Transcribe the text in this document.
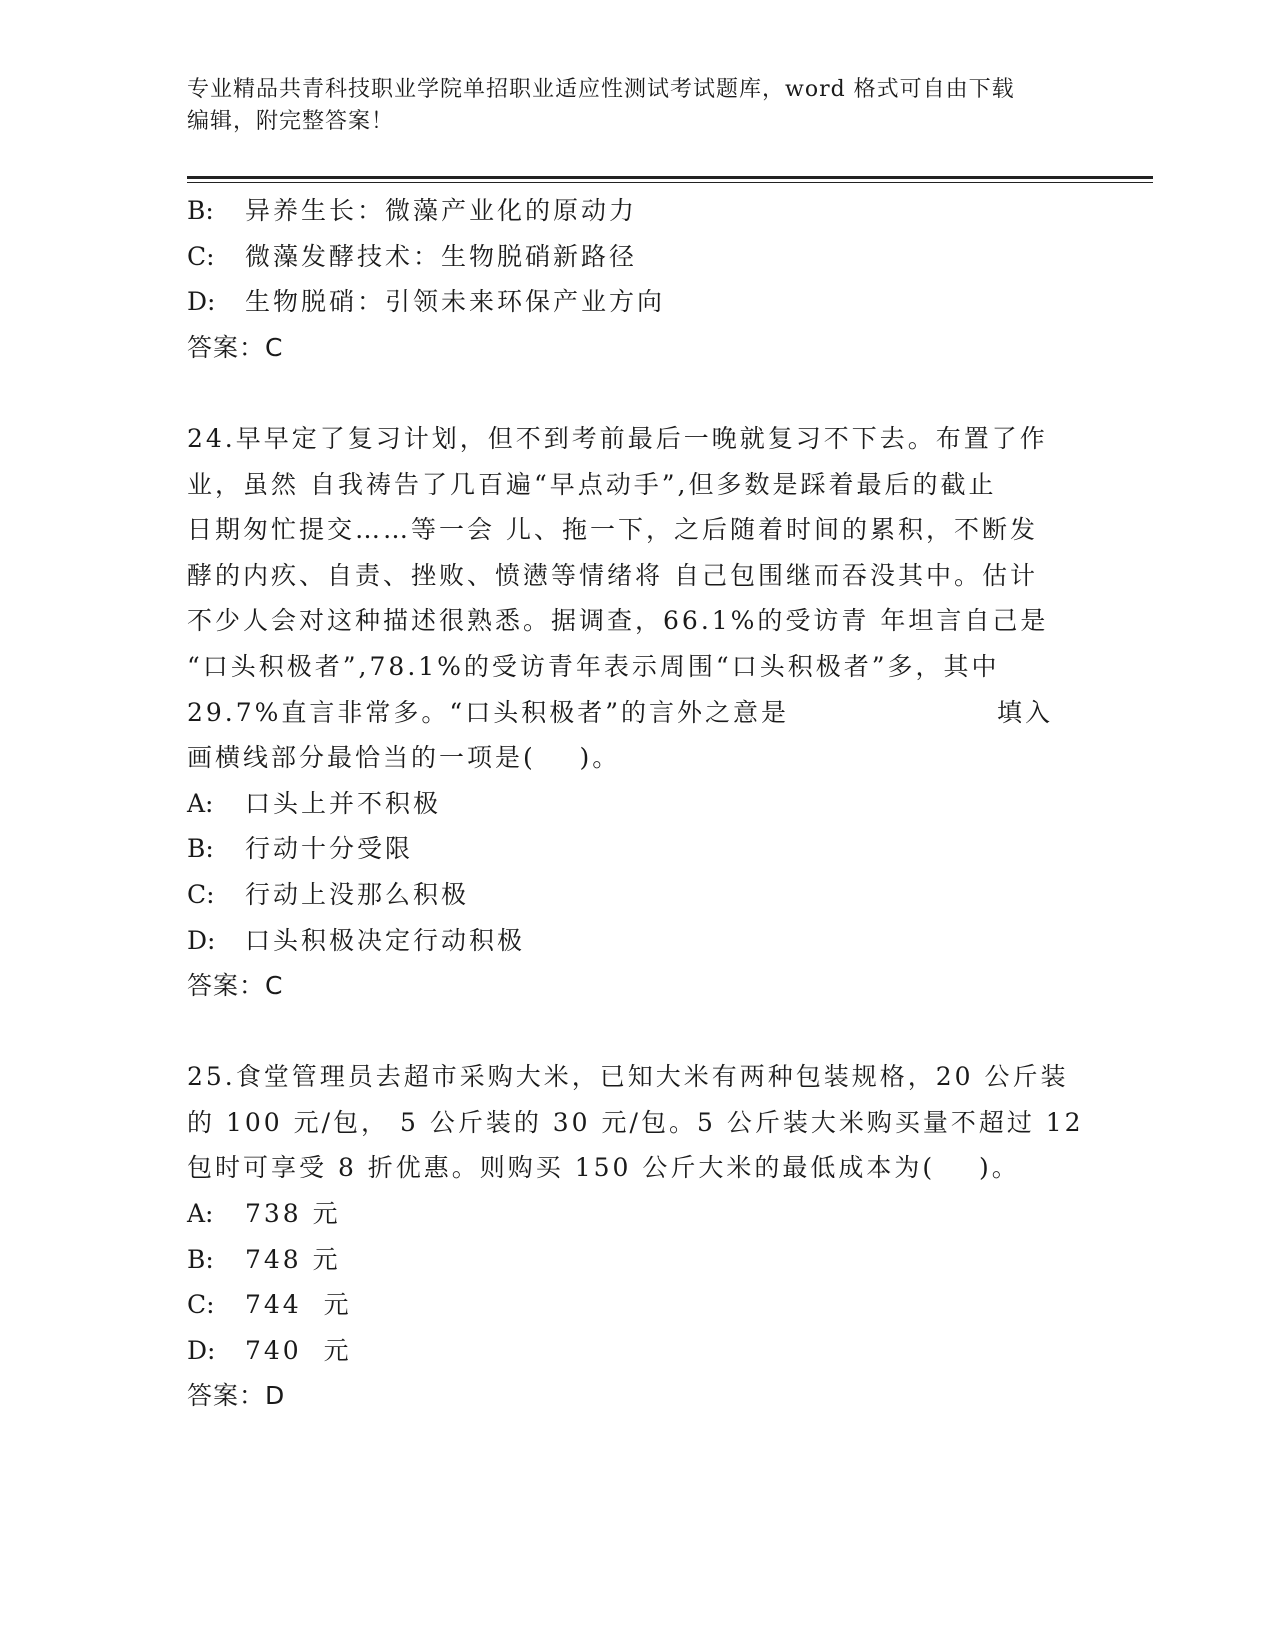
专业精品共青科技职业学院单招职业适应性测试考试题库，word 格式可自由下载
编辑，附完整答案！
B: 异养生长：微藻产业化的原动力
C: 微藻发酵技术：生物脱硝新路径
D: 生物脱硝：引领未来环保产业方向
答案：C
24.早早定了复习计划，但不到考前最后一晚就复习不下去。布置了作
业，虽然 自我祷告了几百遍“早点动手”,但多数是踩着最后的截止
日期匆忙提交……等一会 儿、拖一下，之后随着时间的累积，不断发
酵的内疚、自责、挫败、愤懑等情绪将 自己包围继而吞没其中。估计
不少人会对这种描述很熟悉。据调查，66.1%的受访青 年坦言自己是
“口头积极者”,78.1%的受访青年表示周围“口头积极者”多，其中
29.7%直言非常多。“口头积极者”的言外之意是                   填入
画横线部分最恰当的一项是(    )。
A: 口头上并不积极
B: 行动十分受限
C: 行动上没那么积极
D: 口头积极决定行动积极
答案：C
25.食堂管理员去超市采购大米，已知大米有两种包装规格，20 公斤装
的 100 元/包， 5 公斤装的 30 元/包。5 公斤装大米购买量不超过 12
包时可享受 8 折优惠。则购买 150 公斤大米的最低成本为(    )。
A: 738 元
B: 748 元
C: 744  元
D: 740  元
答案：D
